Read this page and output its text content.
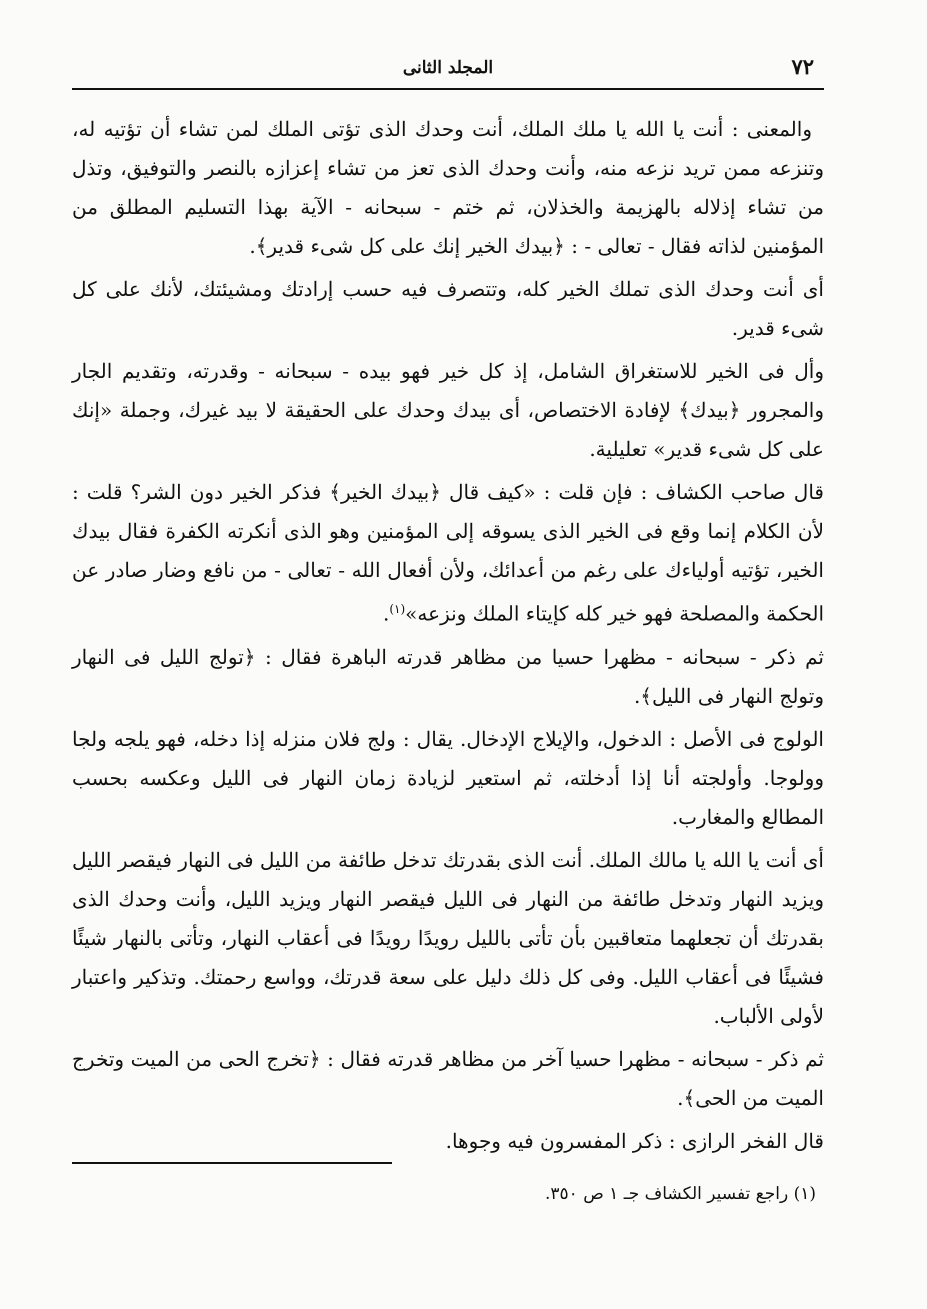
٧٢
المجلد الثانى

والمعنى : أنت يا الله يا ملك الملك، أنت وحدك الذى تؤتى الملك لمن تشاء أن تؤتيه له، وتنزعه ممن تريد نزعه منه، وأنت وحدك الذى تعز من تشاء إعزازه بالنصر والتوفيق، وتذل من تشاء إذلاله بالهزيمة والخذلان، ثم ختم - سبحانه - الآية بهذا التسليم المطلق من المؤمنين لذاته فقال - تعالى - : ﴿بيدك الخير إنك على كل شىء قدير﴾.

أى أنت وحدك الذى تملك الخير كله، وتتصرف فيه حسب إرادتك ومشيئتك، لأنك على كل شىء قدير.

وأل فى الخير للاستغراق الشامل، إذ كل خير فهو بيده - سبحانه - وقدرته، وتقديم الجار والمجرور ﴿بيدك﴾ لإفادة الاختصاص، أى بيدك وحدك على الحقيقة لا بيد غيرك، وجملة «إنك على كل شىء قدير» تعليلية.

قال صاحب الكشاف : فإن قلت : «كيف قال ﴿بيدك الخير﴾ فذكر الخير دون الشر؟ قلت : لأن الكلام إنما وقع فى الخير الذى يسوقه إلى المؤمنين وهو الذى أنكرته الكفرة فقال بيدك الخير، تؤتيه أولياءك على رغم من أعدائك، ولأن أفعال الله - تعالى - من نافع وضار صادر عن الحكمة والمصلحة فهو خير كله كإيتاء الملك ونزعه»$^{(١)}$.

ثم ذكر - سبحانه - مظهرا حسيا من مظاهر قدرته الباهرة فقال : ﴿تولج الليل فى النهار وتولج النهار فى الليل﴾.

الولوج فى الأصل : الدخول، والإيلاج الإدخال. يقال : ولج فلان منزله إذا دخله، فهو يلجه ولجا وولوجا. وأولجته أنا إذا أدخلته، ثم استعير لزيادة زمان النهار فى الليل وعكسه بحسب المطالع والمغارب.

أى أنت يا الله يا مالك الملك. أنت الذى بقدرتك تدخل طائفة من الليل فى النهار فيقصر الليل ويزيد النهار وتدخل طائفة من النهار فى الليل فيقصر النهار ويزيد الليل، وأنت وحدك الذى بقدرتك أن تجعلهما متعاقبين بأن تأتى بالليل رويدًا رويدًا فى أعقاب النهار، وتأتى بالنهار شيئًا فشيئًا فى أعقاب الليل. وفى كل ذلك دليل على سعة قدرتك، وواسع رحمتك. وتذكير واعتبار لأولى الألباب.

ثم ذكر - سبحانه - مظهرا حسيا آخر من مظاهر قدرته فقال : ﴿تخرج الحى من الميت وتخرج الميت من الحى﴾.

قال الفخر الرازى : ذكر المفسرون فيه وجوها.

(١) راجع تفسير الكشاف جـ ١ ص ٣٥٠.
